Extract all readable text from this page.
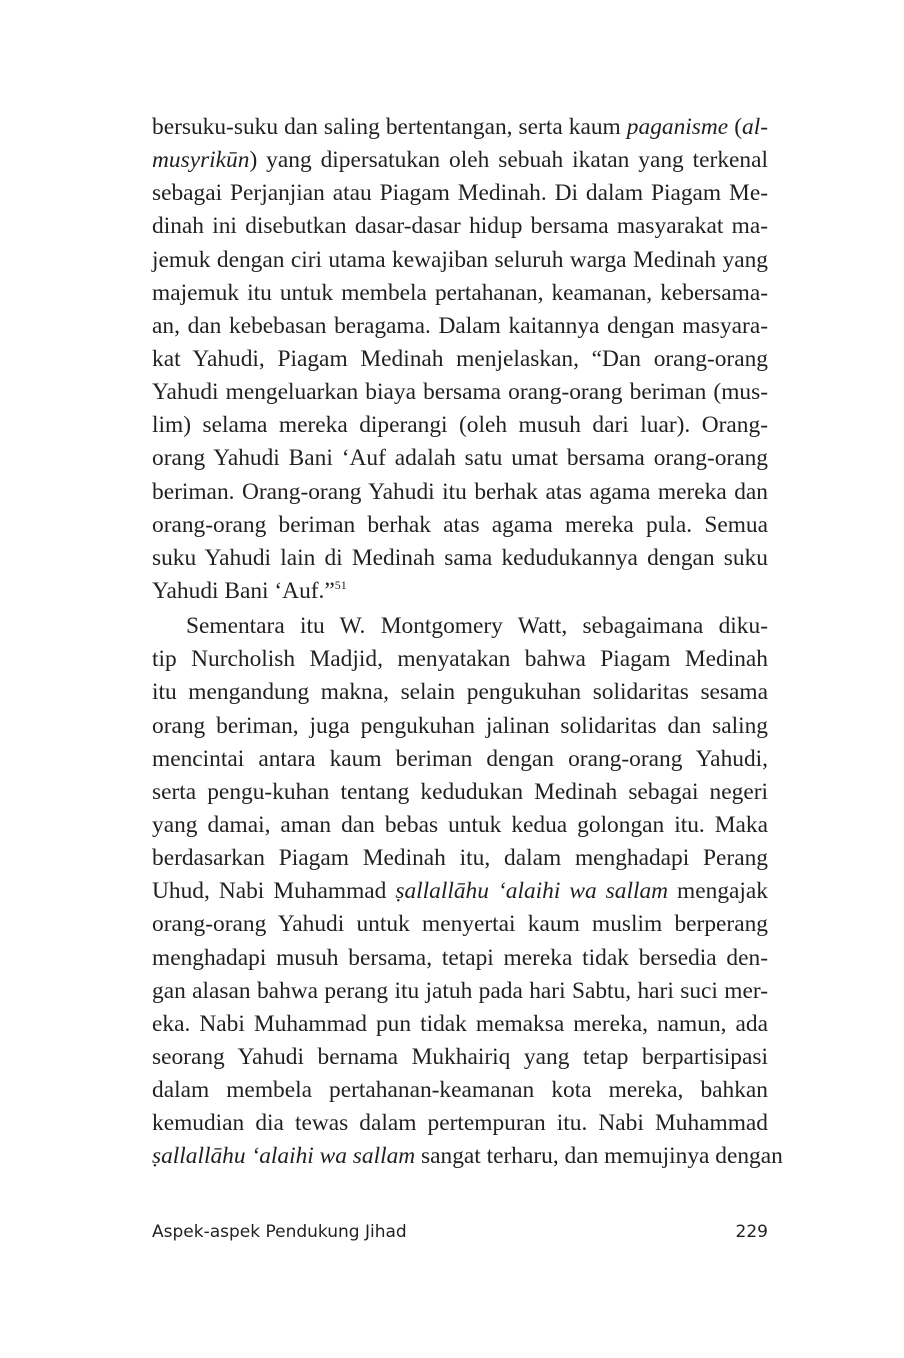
bersuku-suku dan saling bertentangan, serta kaum paganisme (al-
musyrikūn) yang dipersatukan oleh sebuah ikatan yang terkenal
sebagai Perjanjian atau Piagam Medinah. Di dalam Piagam Me-
dinah ini disebutkan dasar-dasar hidup bersama masyarakat ma-
jemuk dengan ciri utama kewajiban seluruh warga Medinah yang
majemuk itu untuk membela pertahanan, keamanan, kebersama-
an, dan kebebasan beragama. Dalam kaitannya dengan masyara-
kat Yahudi, Piagam Medinah menjelaskan, “Dan orang-orang
Yahudi mengeluarkan biaya bersama orang-orang beriman (mus-
lim) selama mereka diperangi (oleh musuh dari luar). Orang-
orang Yahudi Bani ‘Auf adalah satu umat bersama orang-orang
beriman. Orang-orang Yahudi itu berhak atas agama mereka dan
orang-orang beriman berhak atas agama mereka pula. Semua
suku Yahudi lain di Medinah sama kedudukannya dengan suku
Yahudi Bani ‘Auf.”$^{51}$
Sementara itu W. Montgomery Watt, sebagaimana diku-
tip Nurcholish Madjid, menyatakan bahwa Piagam Medinah
itu mengandung makna, selain pengukuhan solidaritas sesama
orang beriman, juga pengukuhan jalinan solidaritas dan saling
mencintai antara kaum beriman dengan orang-orang Yahudi,
serta pengu-kuhan tentang kedudukan Medinah sebagai negeri
yang damai, aman dan bebas untuk kedua golongan itu. Maka
berdasarkan Piagam Medinah itu, dalam menghadapi Perang
Uhud, Nabi Muhammad ṣallallāhu ‘alaihi wa sallam mengajak
orang-orang Yahudi untuk menyertai kaum muslim berperang
menghadapi musuh bersama, tetapi mereka tidak bersedia den-
gan alasan bahwa perang itu jatuh pada hari Sabtu, hari suci mer-
eka. Nabi Muhammad pun tidak memaksa mereka, namun, ada
seorang Yahudi bernama Mukhairiq yang tetap berpartisipasi
dalam membela pertahanan-keamanan kota mereka, bahkan
kemudian dia tewas dalam pertempuran itu. Nabi Muhammad
ṣallallāhu ‘alaihi wa sallam sangat terharu, dan memujinya dengan
Aspek-aspek Pendukung Jihad	229
